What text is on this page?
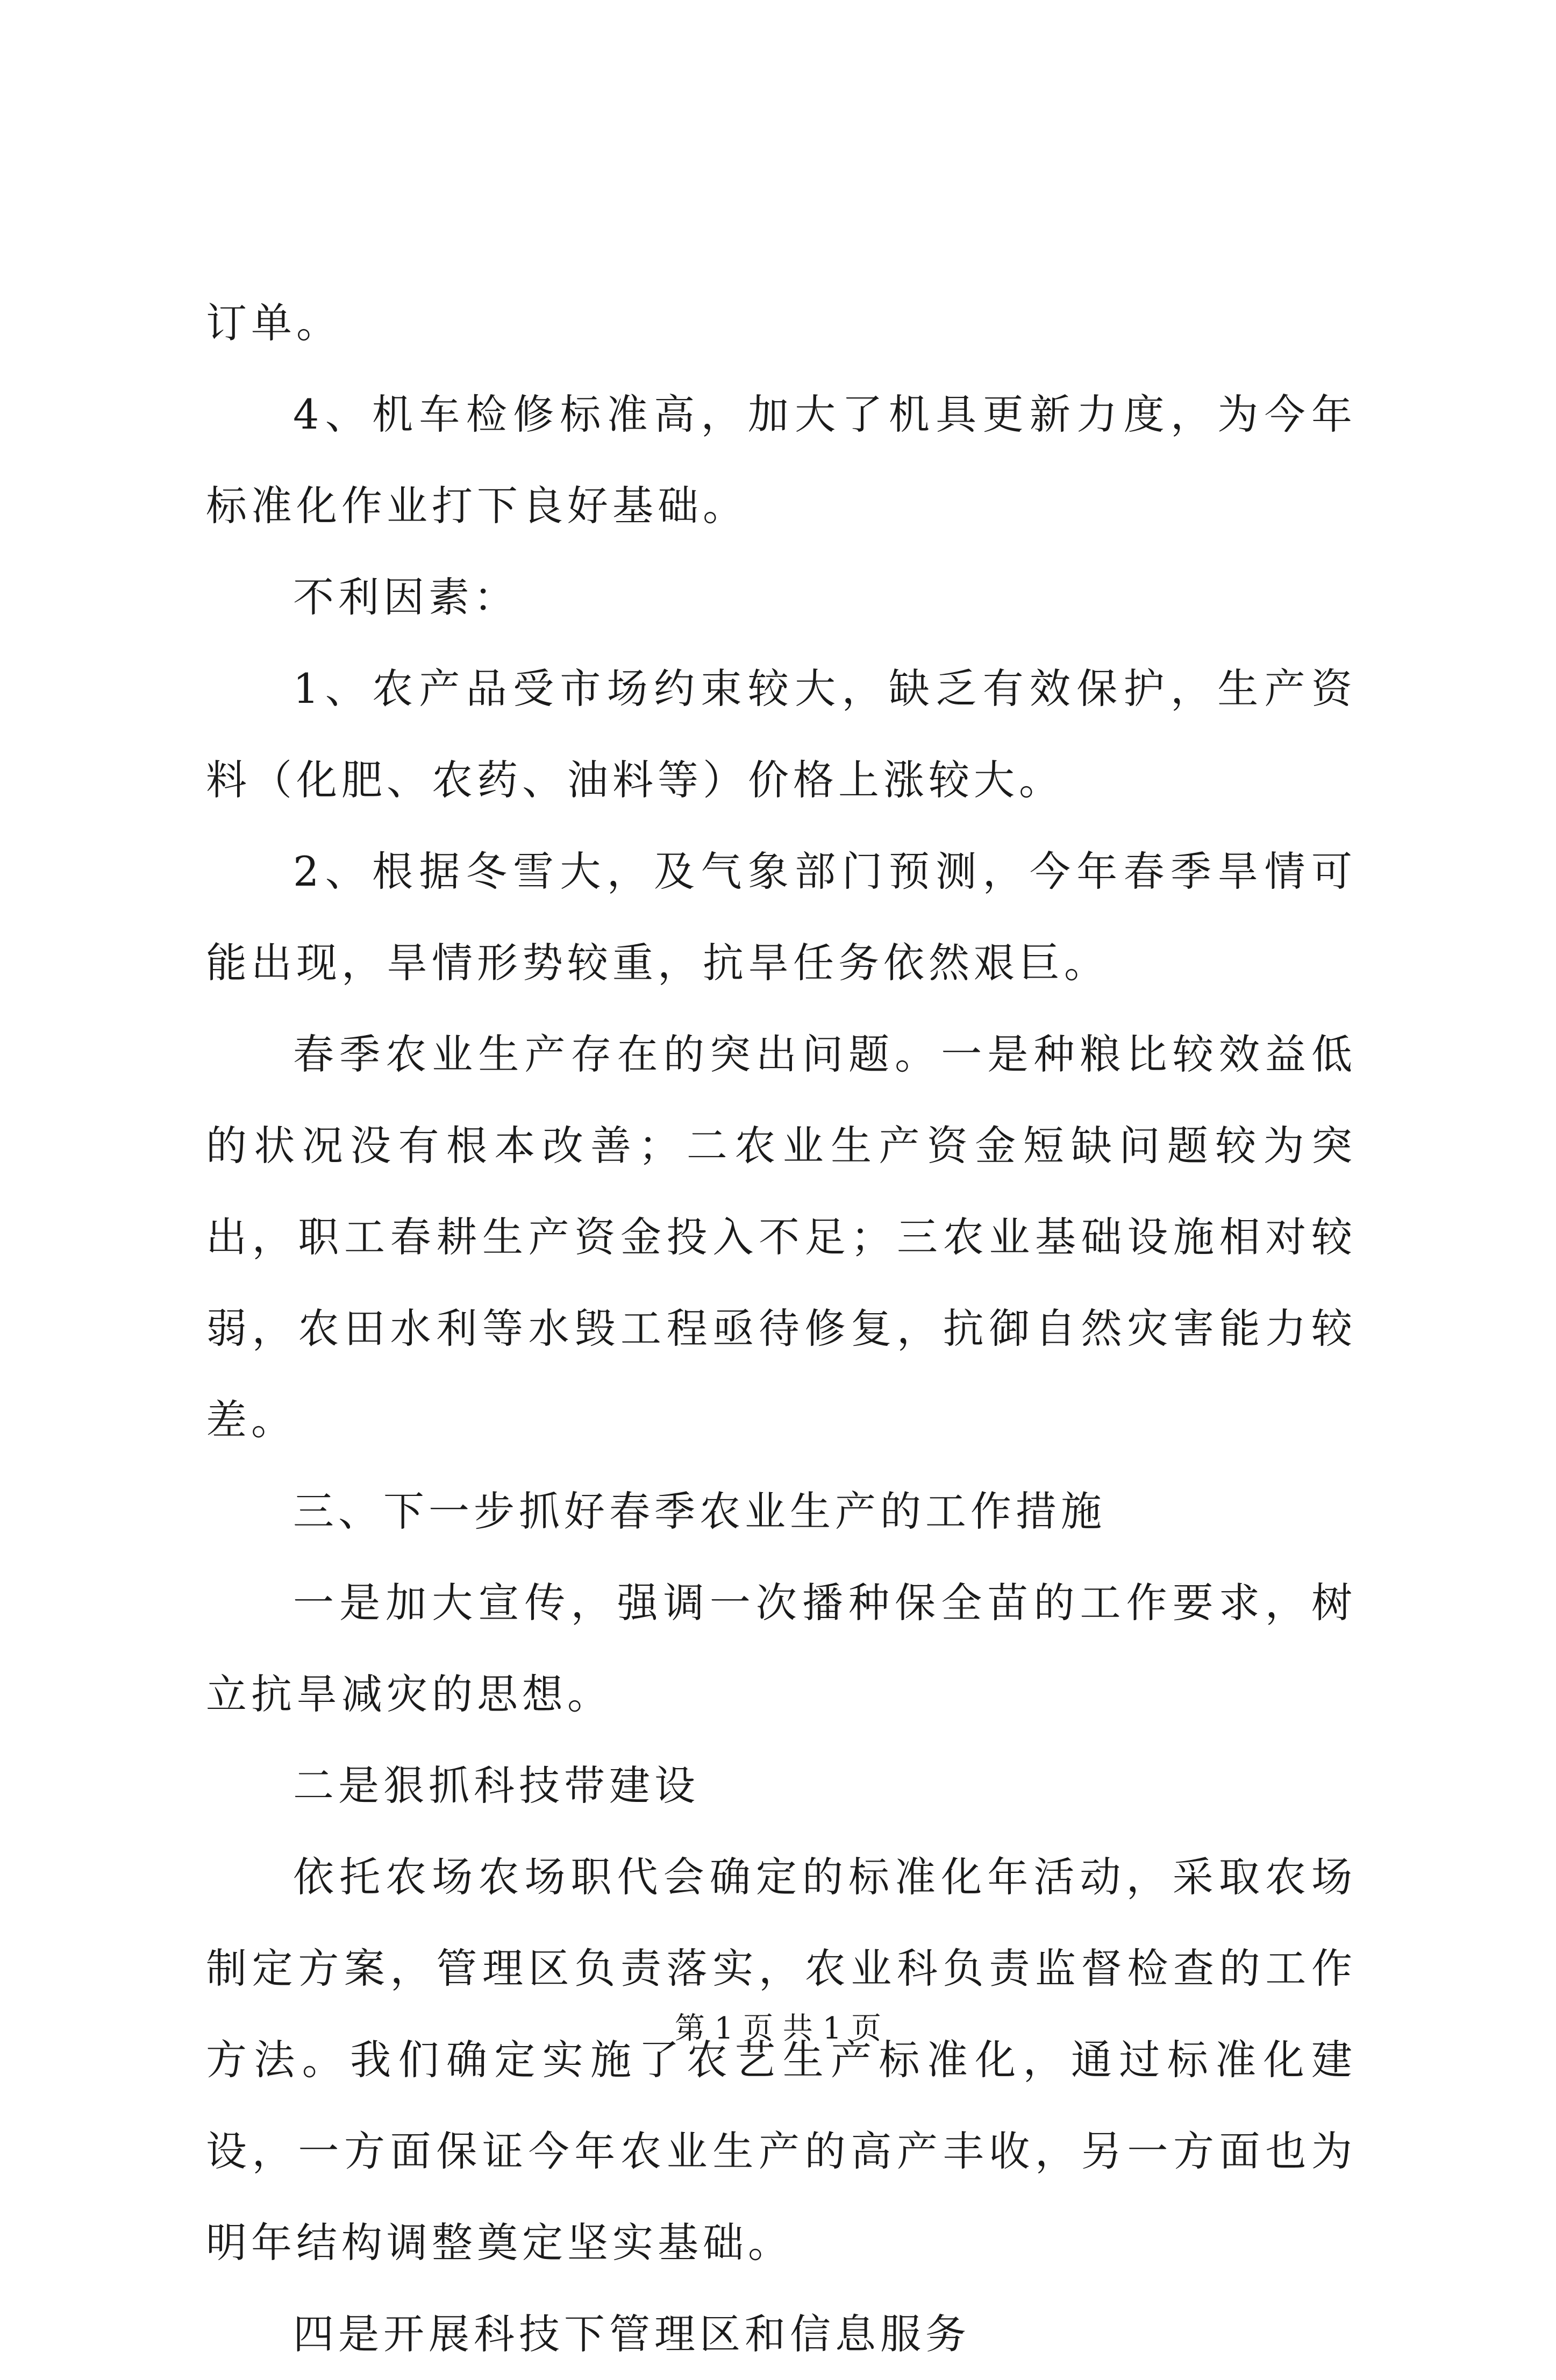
订单。

4、机车检修标准高，加大了机具更新力度，为今年标准化作业打下良好基础。

不利因素：

1、农产品受市场约束较大，缺乏有效保护，生产资料（化肥、农药、油料等）价格上涨较大。

2、根据冬雪大，及气象部门预测，今年春季旱情可能出现，旱情形势较重，抗旱任务依然艰巨。

春季农业生产存在的突出问题。一是种粮比较效益低的状况没有根本改善；二农业生产资金短缺问题较为突出，职工春耕生产资金投入不足；三农业基础设施相对较弱，农田水利等水毁工程亟待修复，抗御自然灾害能力较差。

三、下一步抓好春季农业生产的工作措施

一是加大宣传，强调一次播种保全苗的工作要求，树立抗旱减灾的思想。

二是狠抓科技带建设

依托农场农场职代会确定的标准化年活动，采取农场制定方案，管理区负责落实，农业科负责监督检查的工作方法。我们确定实施了农艺生产标准化，通过标准化建设，一方面保证今年农业生产的高产丰收，另一方面也为明年结构调整奠定坚实基础。

四是开展科技下管理区和信息服务

第 1 页 共 1 页
